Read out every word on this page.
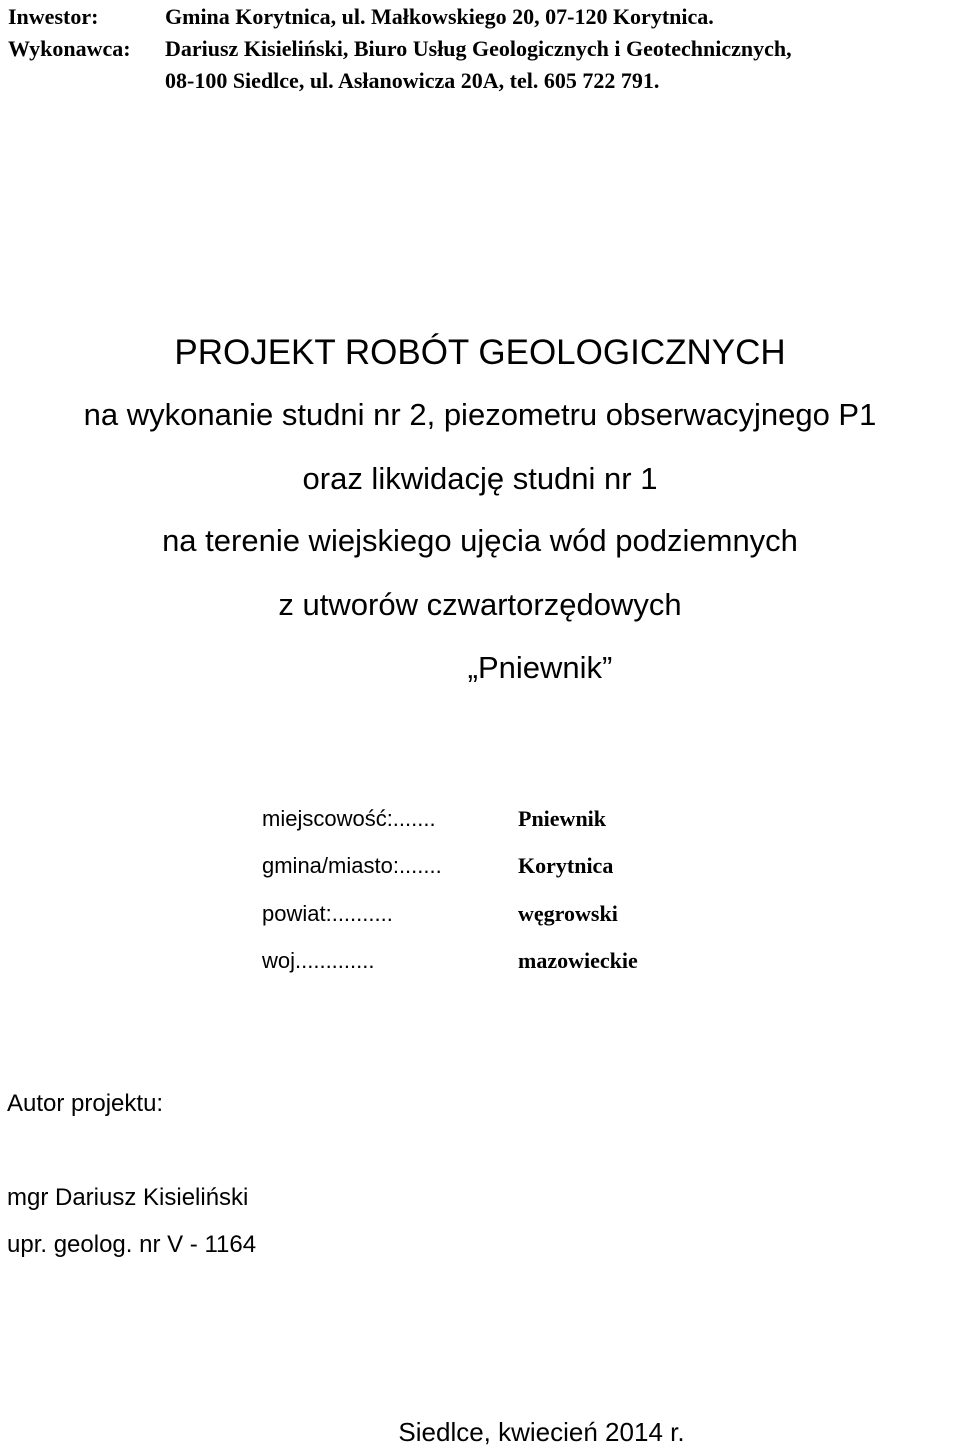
Inwestor:	Gmina Korytnica, ul. Małkowskiego 20, 07-120 Korytnica.
Wykonawca: Dariusz Kisieliński, Biuro Usług Geologicznych i Geotechnicznych,
08-100 Siedlce, ul. Asłanowicza 20A, tel. 605 722 791.
PROJEKT ROBÓT GEOLOGICZNYCH
na wykonanie studni nr 2, piezometru obserwacyjnego P1
oraz likwidację studni nr 1
na terenie wiejskiego ujęcia wód podziemnych
z utworów czwartorzędowych
„Pniewnik”
miejscowość:.......	Pniewnik
gmina/miasto:.......	Korytnica
powiat:..........	węgrowski
woj.............	mazowieckie
Autor projektu:
mgr Dariusz Kisieliński
upr. geolog. nr V - 1164
Siedlce, kwiecień 2014 r.
